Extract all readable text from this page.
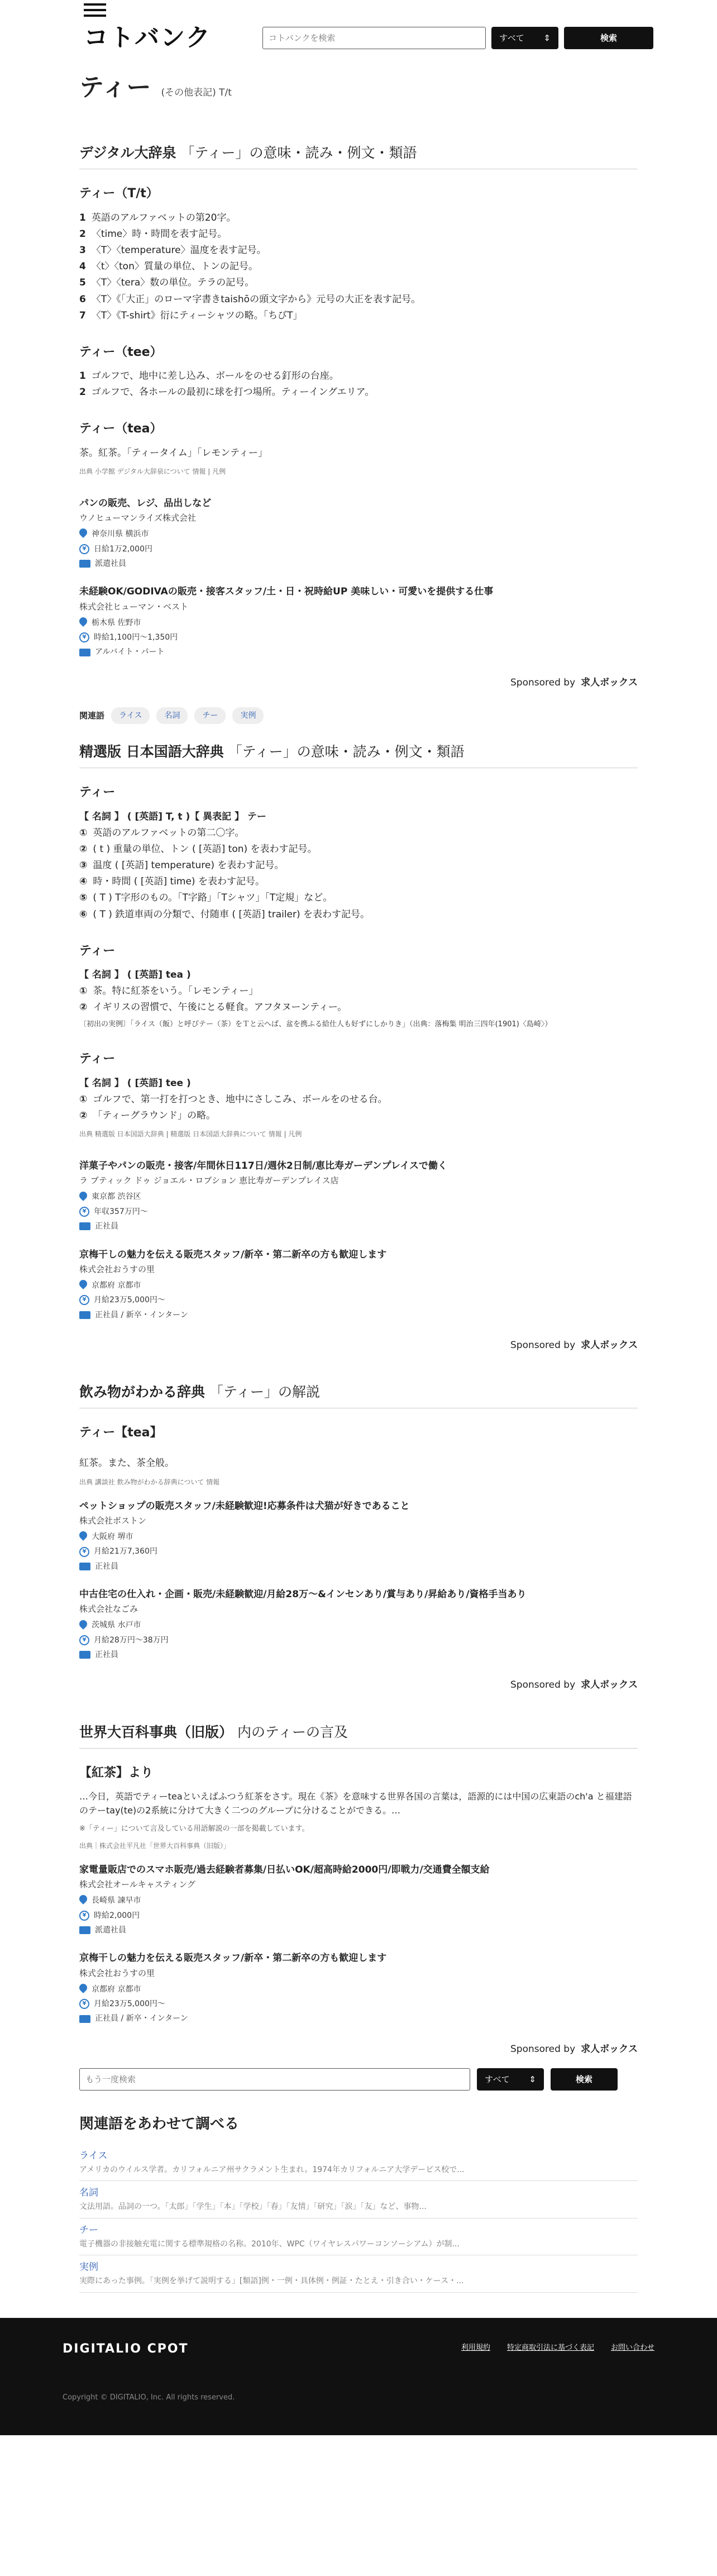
コトバンク
コトバンクを検索	すべて ⇕	検索
ティー (その他表記) T/t
デジタル大辞泉 「ティー」の意味・読み・例文・類語
ティー（T/t）
1 英語のアルファベットの第20字。
2 〈time〉時・時間を表す記号。
3 〈T〉〈temperature〉温度を表す記号。
4 〈t〉〈ton〉質量の単位、トンの記号。
5 〈T〉〈tera〉数の単位。テラの記号。
6 〈T〉《「大正」のローマ字書きtaishōの頭文字から》元号の大正を表す記号。
7 〈T〉《T-shirt》衍にティーシャツの略。「ちびT」
ティー（tee）
1 ゴルフで、地中に差し込み、ボールをのせる釘形の台座。
2 ゴルフで、各ホールの最初に球を打つ場所。ティーイングエリア。
ティー（tea）
茶。紅茶。「ティータイム」「レモンティー」
出典 小学館 デジタル大辞泉について 情報 | 凡例
パンの販売、レジ、品出しなど
ウノヒューマンライズ株式会社
神奈川県 横浜市
¥ 日給1万2,000円
派遣社員
未経験OK/GODIVAの販売・接客スタッフ/土・日・祝時給UP 美味しい・可愛いを提供する仕事
株式会社ヒューマン・ベスト
栃木県 佐野市
¥ 時給1,100円〜1,350円
アルバイト・パート
Sponsored by 求人ボックス
関連語	ライス	名詞	チー	実例
精選版 日本国語大辞典 「ティー」の意味・読み・例文・類語
ティー
【 名詞 】 ( [英語] T, t )【 異表記 】 テー
① 英語のアルファベットの第二〇字。
② ( t ) 重量の単位、トン ( [英語] ton) を表わす記号。
③ 温度 ( [英語] temperature) を表わす記号。
④ 時・時間 ( [英語] time) を表わす記号。
⑤ ( T ) T字形のもの。「T字路」「Tシャツ」「T定規」など。
⑥ ( T ) 鉄道車両の分類で、付随車 ( [英語] trailer) を表わす記号。
ティー
【 名詞 】 ( [英語] tea )
① 茶。特に紅茶をいう。「レモンティー」
② イギリスの習慣で、午後にとる軽食。アフタヌーンティー。
〔初出の実例〕「ライス（飯）と呼びテー（茶）をＴと云へば、盆を携ふる給仕人も好ずにしかりき」（出典：落梅集 明治三四年(1901)〈島崎〉）
ティー
【 名詞 】 ( [英語] tee )
① ゴルフで、第一打を打つとき、地中にさしこみ、ボールをのせる台。
② 「ティーグラウンド」の略。
出典 精選版 日本国語大辞典 | 精選版 日本国語大辞典について 情報 | 凡例
洋菓子やパンの販売・接客/年間休日117日/週休2日制/恵比寿ガーデンプレイスで働く
ラ ブティック ドゥ ジョエル・ロブション 恵比寿ガーデンプレイス店
東京都 渋谷区
¥ 年収357万円〜
正社員
京梅干しの魅力を伝える販売スタッフ/新卒・第二新卒の方も歓迎します
株式会社おうすの里
京都府 京都市
¥ 月給23万5,000円〜
正社員 / 新卒・インターン
Sponsored by 求人ボックス
飲み物がわかる辞典 「ティー」の解説
ティー【tea】
紅茶。また、茶全般。
出典 講談社 飲み物がわかる辞典について 情報
ペットショップの販売スタッフ/未経験歓迎!応募条件は犬猫が好きであること
株式会社ボストン
大阪府 堺市
¥ 月給21万7,360円
正社員
中古住宅の仕入れ・企画・販売/未経験歓迎/月給28万〜&インセンあり/賞与あり/昇給あり/資格手当あり
株式会社なごみ
茨城県 水戸市
¥ 月給28万円〜38万円
正社員
Sponsored by 求人ボックス
世界大百科事典（旧版） 内のティーの言及
【紅茶】より
…今日，英語でティーteaといえばふつう紅茶をさす。現在《茶》を意味する世界各国の言葉は，語源的には中国の広東語のch'a と福建語のテーtay(te)の2系統に分けて大きく二つのグループに分けることができる。…
※「ティー」について言及している用語解説の一部を掲載しています。
出典｜株式会社平凡社「世界大百科事典（旧版）」
家電量販店でのスマホ販売/過去経験者募集/日払いOK/超高時給2000円/即戦力/交通費全額支給
株式会社オールキャスティング
長崎県 諫早市
¥ 時給2,000円
派遣社員
京梅干しの魅力を伝える販売スタッフ/新卒・第二新卒の方も歓迎します
株式会社おうすの里
京都府 京都市
¥ 月給23万5,000円〜
正社員 / 新卒・インターン
Sponsored by 求人ボックス
もう一度検索
すべて ⇕	検索
関連語をあわせて調べる
ライス
アメリカのウイルス学者。カリフォルニア州サクラメント生まれ。1974年カリフォルニア大学デービス校で...
名詞
文法用語。品詞の一つ。「太郎」「学生」「本」「学校」「春」「友情」「研究」「涙」「友」など、事物...
チー
電子機器の非接触充電に関する標準規格の名称。2010年、WPC（ワイヤレスパワーコンソーシアム）が制...
実例
実際にあった事例。「実例を挙げて説明する」[類語]例・一例・具体例・例証・たとえ・引き合い・ケース・...
DIGITALIO CPOT	利用規約 特定商取引法に基づく表記 お問い合わせ
Copyright © DIGITALIO, Inc. All rights reserved.
